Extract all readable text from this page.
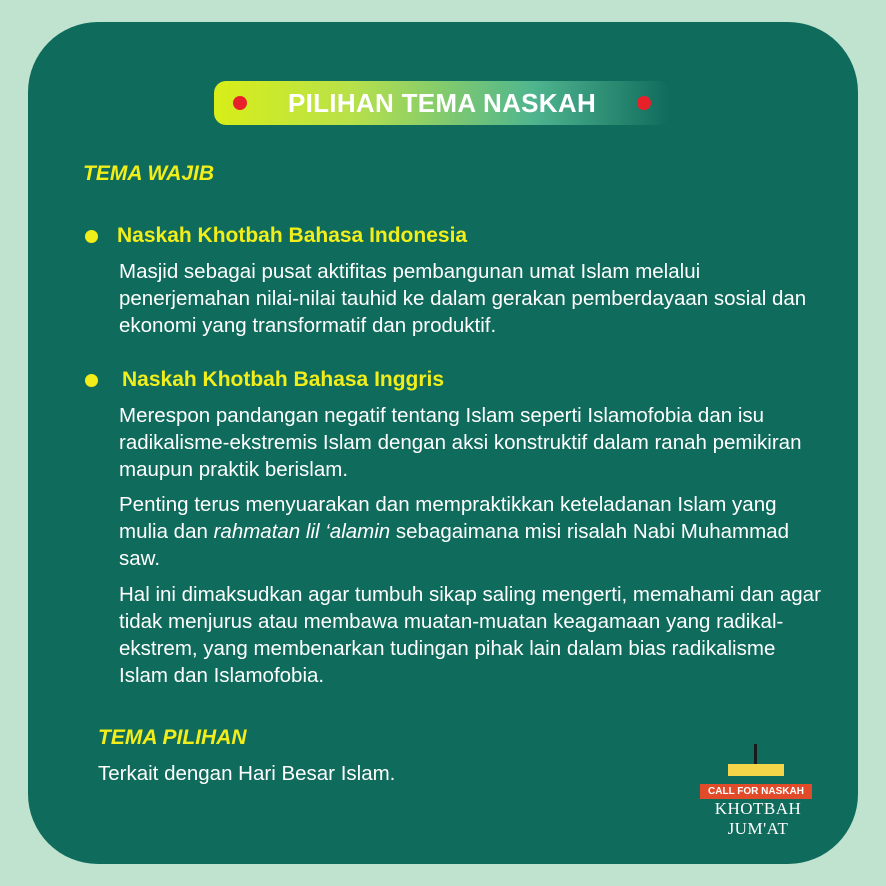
PILIHAN TEMA NASKAH
TEMA WAJIB
Naskah Khotbah Bahasa Indonesia
Masjid sebagai pusat aktifitas pembangunan umat Islam melalui penerjemahan nilai-nilai tauhid ke dalam gerakan pemberdayaan sosial dan ekonomi yang transformatif dan produktif.
Naskah Khotbah Bahasa Inggris
Merespon pandangan negatif tentang Islam seperti Islamofobia dan isu radikalisme-ekstremis Islam dengan aksi konstruktif dalam ranah pemikiran maupun praktik berislam.
Penting terus menyuarakan dan mempraktikkan keteladanan Islam yang mulia dan rahmatan lil ‘alamin sebagaimana misi risalah Nabi Muhammad saw.
Hal ini dimaksudkan agar tumbuh sikap saling mengerti, memahami dan agar tidak menjurus atau membawa muatan-muatan keagamaan yang radikal-ekstrem, yang membenarkan tudingan pihak lain dalam bias radikalisme Islam dan Islamofobia.
TEMA PILIHAN
Terkait dengan Hari Besar Islam.
CALL FOR NASKAH
KHOTBAH JUM'AT
